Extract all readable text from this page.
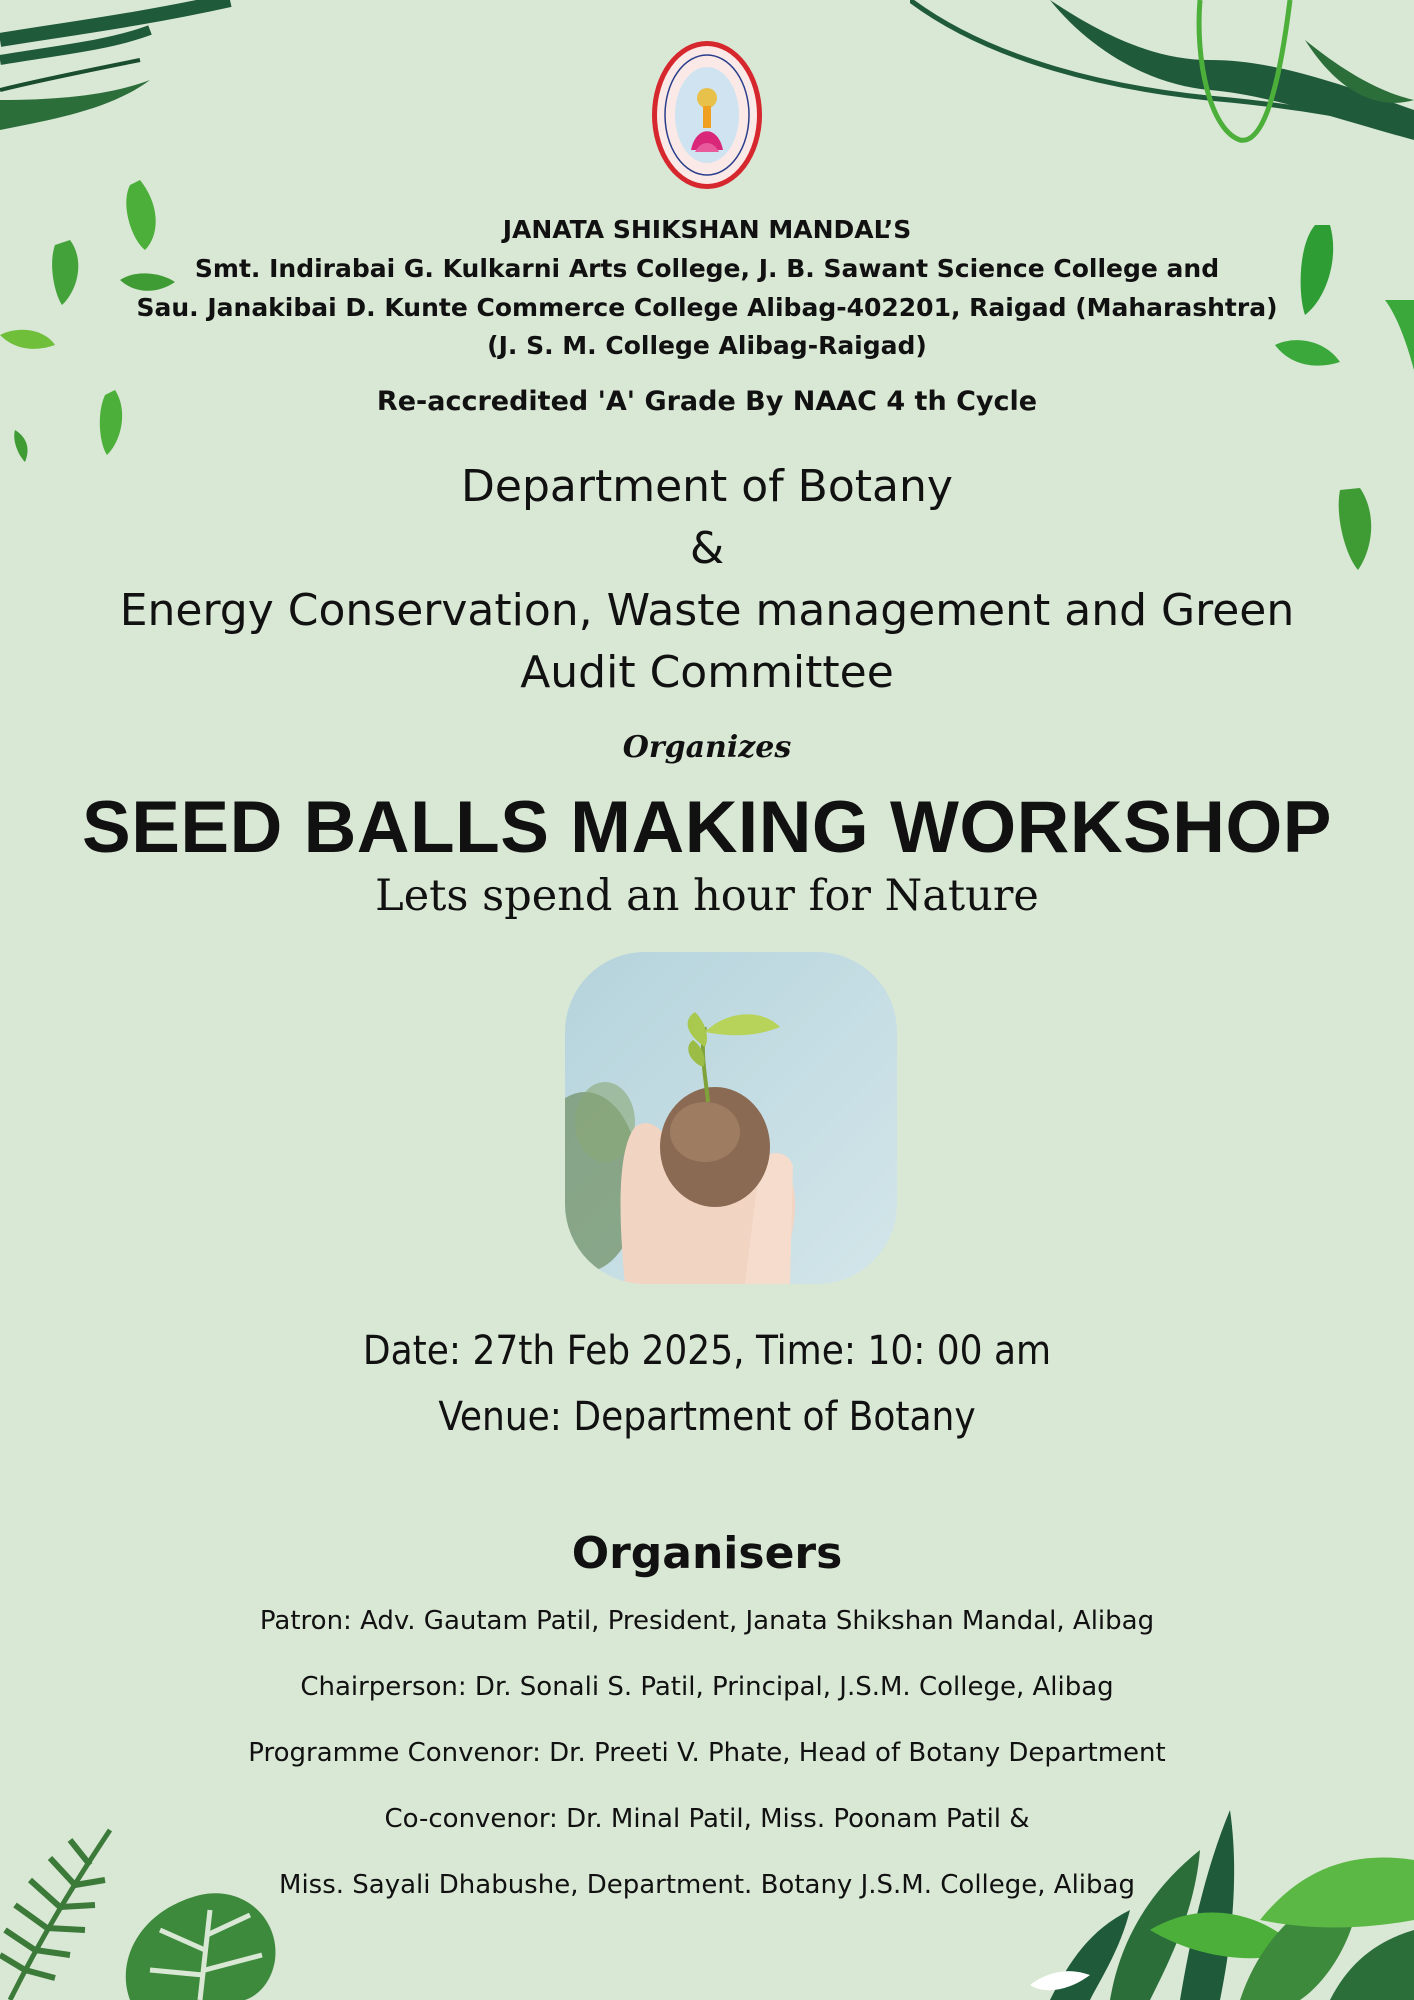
JANATA SHIKSHAN MANDAL’S
Smt. Indirabai G. Kulkarni Arts College, J. B. Sawant Science College and
Sau. Janakibai D. Kunte Commerce College Alibag-402201, Raigad (Maharashtra)
(J. S. M. College Alibag-Raigad)
Re-accredited 'A' Grade By NAAC 4 th Cycle
Department of Botany
&
Energy Conservation, Waste management and Green
Audit Committee
Organizes
SEED BALLS MAKING WORKSHOP
Lets spend an hour for Nature
Date: 27th Feb 2025, Time: 10: 00 am
Venue: Department of Botany
Organisers
Patron: Adv. Gautam Patil, President, Janata Shikshan Mandal, Alibag
Chairperson: Dr. Sonali S. Patil, Principal, J.S.M. College, Alibag
Programme Convenor: Dr. Preeti V. Phate, Head of Botany Department
Co-convenor: Dr. Minal Patil, Miss. Poonam Patil &
Miss. Sayali Dhabushe, Department. Botany J.S.M. College, Alibag
